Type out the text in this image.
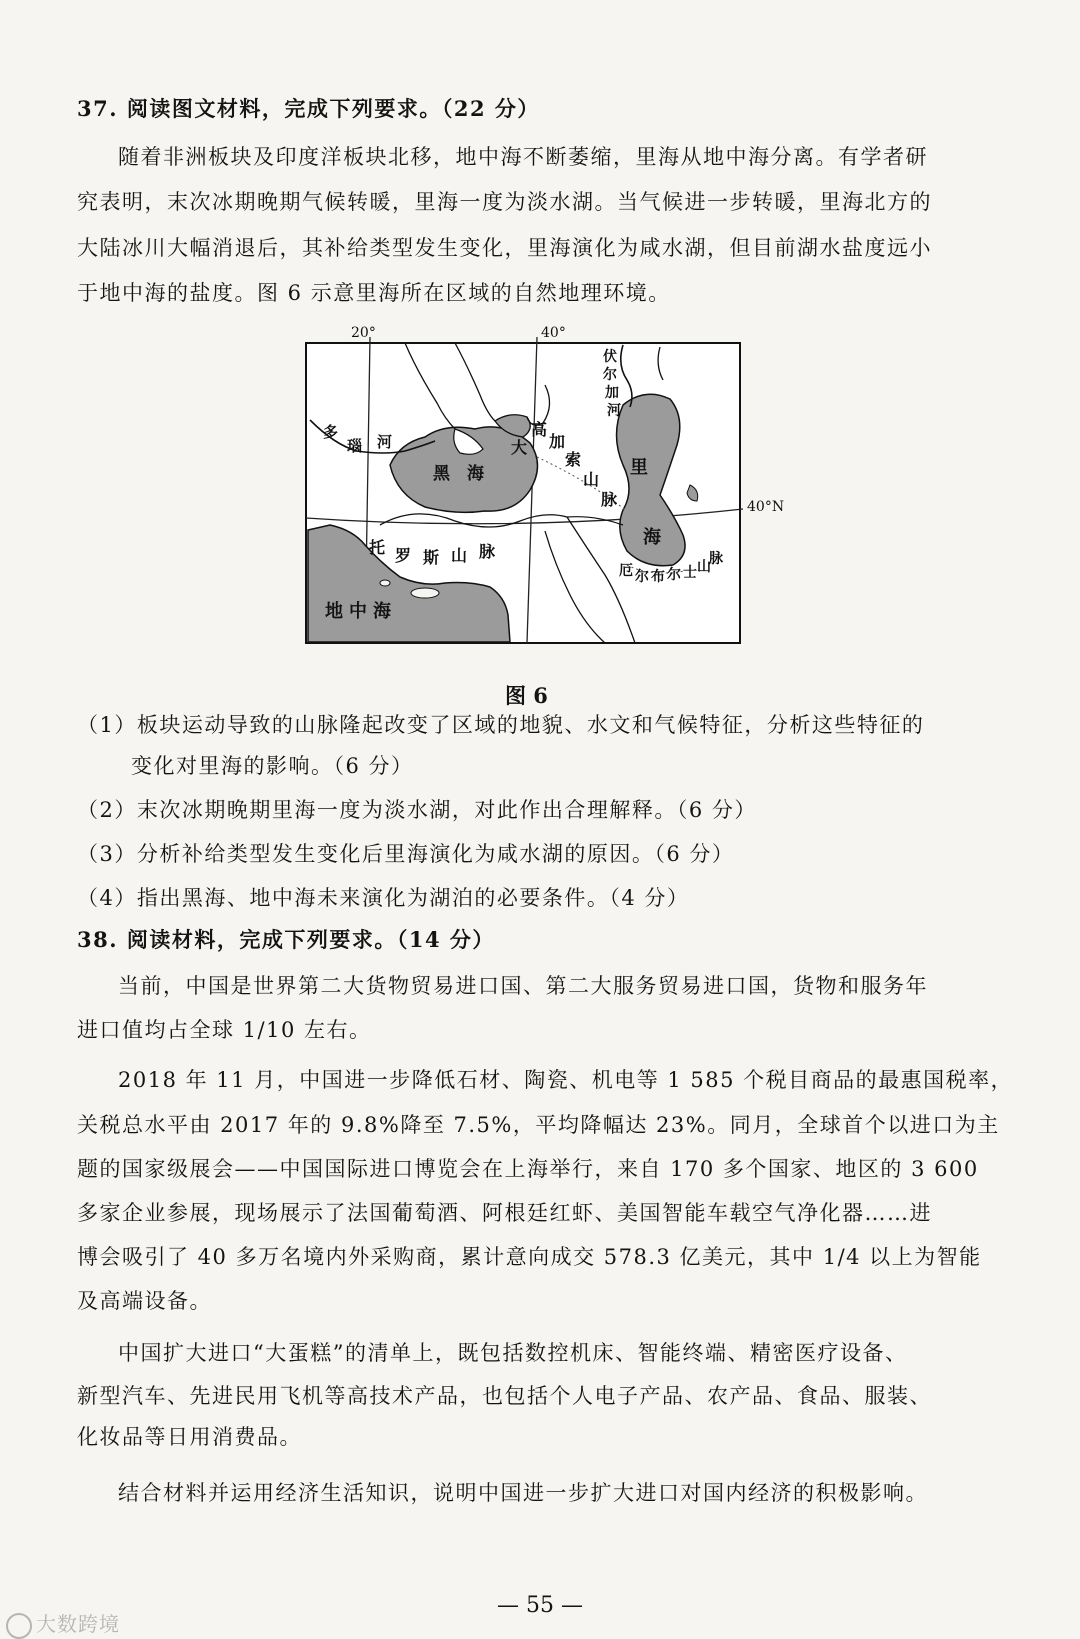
37. 阅读图文材料，完成下列要求。（22 分）
随着非洲板块及印度洋板块北移，地中海不断萎缩，里海从地中海分离。有学者研
究表明，末次冰期晚期气候转暖，里海一度为淡水湖。当气候进一步转暖，里海北方的
大陆冰川大幅消退后，其补给类型发生变化，里海演化为咸水湖，但目前湖水盐度远小
于地中海的盐度。图 6 示意里海所在区域的自然地理环境。
20°	40°
40°N
多
瑙 河
黑 海
大
高
加
索
山
脉
伏
尔
加
河
里
海
托 罗 斯 山 脉
厄 尔 布 尔 士 山
脉
地 中 海
图 6
（1）板块运动导致的山脉隆起改变了区域的地貌、水文和气候特征，分析这些特征的
变化对里海的影响。（6 分）
（2）末次冰期晚期里海一度为淡水湖，对此作出合理解释。（6 分）
（3）分析补给类型发生变化后里海演化为咸水湖的原因。（6 分）
（4）指出黑海、地中海未来演化为湖泊的必要条件。（4 分）
38. 阅读材料，完成下列要求。（14 分）
当前，中国是世界第二大货物贸易进口国、第二大服务贸易进口国，货物和服务年
进口值均占全球 1/10 左右。
2018 年 11 月，中国进一步降低石材、陶瓷、机电等 1 585 个税目商品的最惠国税率，
关税总水平由 2017 年的 9.8%降至 7.5%，平均降幅达 23%。同月，全球首个以进口为主
题的国家级展会——中国国际进口博览会在上海举行，来自 170 多个国家、地区的 3 600
多家企业参展，现场展示了法国葡萄酒、阿根廷红虾、美国智能车载空气净化器……进
博会吸引了 40 多万名境内外采购商，累计意向成交 578.3 亿美元，其中 1/4 以上为智能
及高端设备。
中国扩大进口“大蛋糕”的清单上，既包括数控机床、智能终端、精密医疗设备、
新型汽车、先进民用飞机等高技术产品，也包括个人电子产品、农产品、食品、服装、
化妆品等日用消费品。
结合材料并运用经济生活知识，说明中国进一步扩大进口对国内经济的积极影响。
— 55 —
大数跨境
